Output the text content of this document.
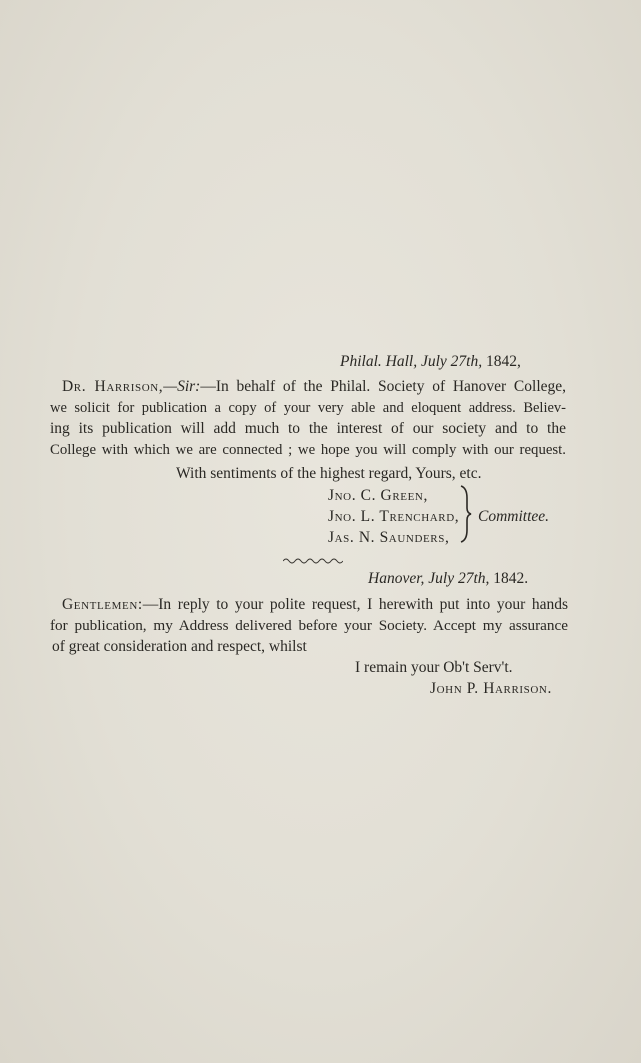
Philal. Hall, July 27th, 1842,
Dr. Harrison,—Sir:—In behalf of the Philal. Society of Hanover College,
we solicit for publication a copy of your very able and eloquent address. Believ-
ing its publication will add much to the interest of our society and to the
College with which we are connected ; we hope you will comply with our request.
With sentiments of the highest regard, Yours, etc.
Jno. C. Green,
Jno. L. Trenchard,
Jas. N. Saunders,
Committee.
Hanover, July 27th, 1842.
Gentlemen:—In reply to your polite request, I herewith put into your hands
for publication, my Address delivered before your Society. Accept my assurance
of great consideration and respect, whilst
I remain your Ob't Serv't.
John P. Harrison.
